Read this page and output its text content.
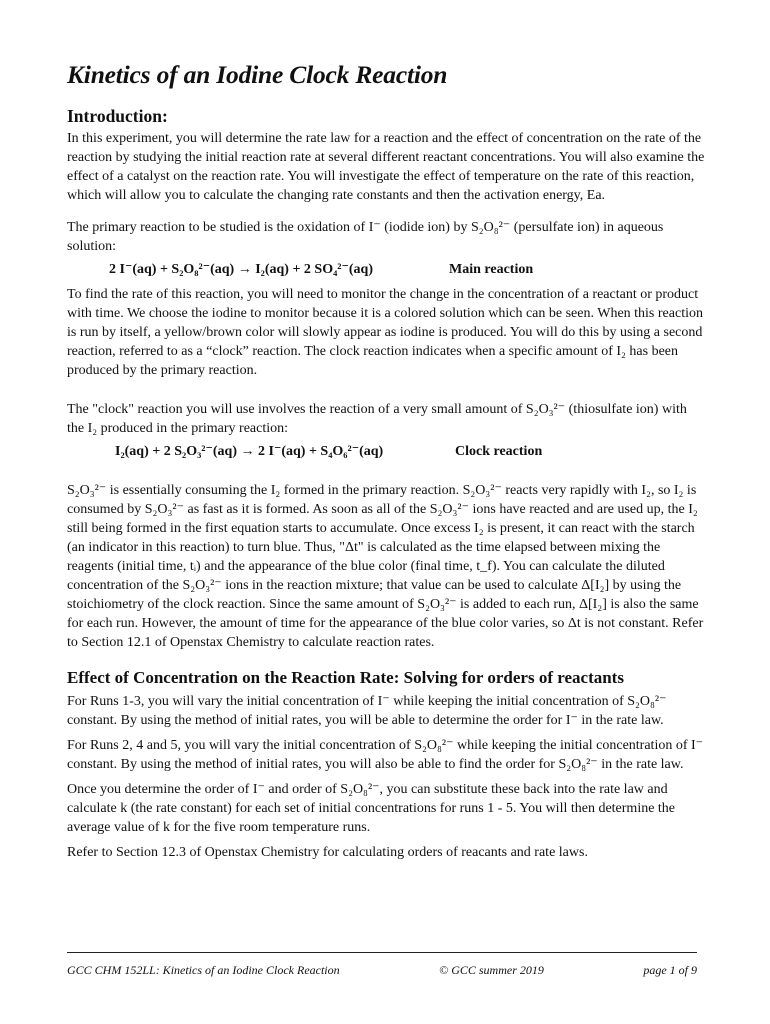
Kinetics of an Iodine Clock Reaction
Introduction:

In this experiment, you will determine the rate law for a reaction and the effect of concentration on the rate of the reaction by studying the initial reaction rate at several different reactant concentrations. You will also examine the effect of a catalyst on the reaction rate. You will investigate the effect of temperature on the rate of this reaction, which will allow you to calculate the changing rate constants and then the activation energy, Ea.

The primary reaction to be studied is the oxidation of I⁻ (iodide ion) by S₂O₈²⁻ (persulfate ion) in aqueous solution:

2 I⁻(aq) + S₂O₈²⁻(aq) → I₂(aq) + 2 SO₄²⁻(aq)	Main reaction

To find the rate of this reaction, you will need to monitor the change in the concentration of a reactant or product with time. We choose the iodine to monitor because it is a colored solution which can be seen. When this reaction is run by itself, a yellow/brown color will slowly appear as iodine is produced. You will do this by using a second reaction, referred to as a “clock” reaction. The clock reaction indicates when a specific amount of I₂ has been produced by the primary reaction.

The "clock" reaction you will use involves the reaction of a very small amount of S₂O₃²⁻ (thiosulfate ion) with the I₂ produced in the primary reaction:

I₂(aq) + 2 S₂O₃²⁻(aq) → 2 I⁻(aq) + S₄O₆²⁻(aq)	Clock reaction

S₂O₃²⁻ is essentially consuming the I₂ formed in the primary reaction. S₂O₃²⁻ reacts very rapidly with I₂, so I₂ is consumed by S₂O₃²⁻ as fast as it is formed. As soon as all of the S₂O₃²⁻ ions have reacted and are used up, the I₂ still being formed in the first equation starts to accumulate. Once excess I₂ is present, it can react with the starch (an indicator in this reaction) to turn blue. Thus, "Δt" is calculated as the time elapsed between mixing the reagents (initial time, tᵢ) and the appearance of the blue color (final time, t_f). You can calculate the diluted concentration of the S₂O₃²⁻ ions in the reaction mixture; that value can be used to calculate Δ[I₂] by using the stoichiometry of the clock reaction. Since the same amount of S₂O₃²⁻ is added to each run, Δ[I₂] is also the same for each run. However, the amount of time for the appearance of the blue color varies, so Δt is not constant. Refer to Section 12.1 of Openstax Chemistry to calculate reaction rates.

Effect of Concentration on the Reaction Rate: Solving for orders of reactants

For Runs 1-3, you will vary the initial concentration of I⁻ while keeping the initial concentration of S₂O₈²⁻ constant. By using the method of initial rates, you will be able to determine the order for I⁻ in the rate law.

For Runs 2, 4 and 5, you will vary the initial concentration of S₂O₈²⁻ while keeping the initial concentration of I⁻ constant. By using the method of initial rates, you will also be able to find the order for S₂O₈²⁻ in the rate law.

Once you determine the order of I⁻ and order of S₂O₈²⁻, you can substitute these back into the rate law and calculate k (the rate constant) for each set of initial concentrations for runs 1 - 5. You will then determine the average value of k for the five room temperature runs.

Refer to Section 12.3 of Openstax Chemistry for calculating orders of reacants and rate laws.

GCC CHM 152LL: Kinetics of an Iodine Clock Reaction	© GCC summer 2019	page 1 of 9
